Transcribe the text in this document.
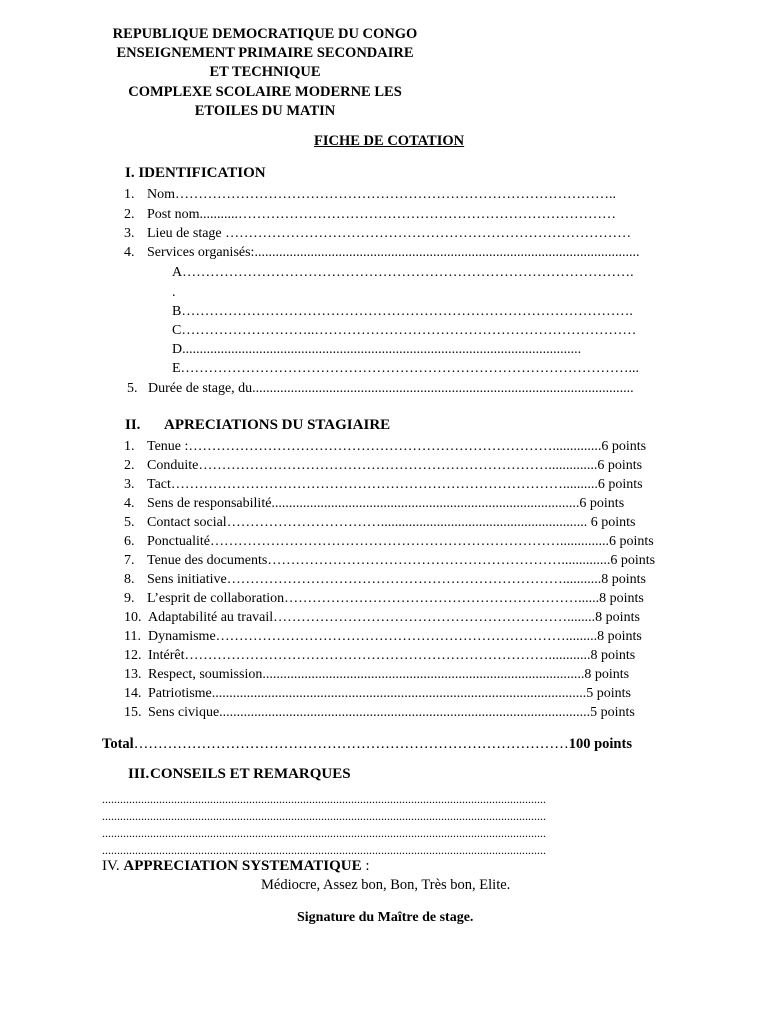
REPUBLIQUE DEMOCRATIQUE DU CONGO
ENSEIGNEMENT PRIMAIRE SECONDAIRE
ET TECHNIQUE
COMPLEXE SCOLAIRE MODERNE LES
ETOILES DU MATIN
FICHE DE COTATION
I. IDENTIFICATION
1. Nom…………………………………………………………………………………..
2. Post nom...........………………………………………………………………………
3. Lieu de stage ……………………………………………………………………………
4. Services organisés:..............................................................................................................
A…………………………………………………………………………………….
.
B…………………………………………………………………………………….
C………………………..……………………………………………………………
D..................................................................................................................
E……………………………………………………………………………………...
5. Durée de stage, du.............................................................................................................
II. APRECIATIONS DU STAGIAIRE
1. Tenue :……………………………………………………………………..............6 points
2. Conduite…………………………………………………………………..............6 points
3. Tact…………………………………………………………………………..........6 points
4. Sens de responsabilité........................................................................................6 points
5. Contact social……………………………........................................................... 6 points
6. Ponctualité…………………………………………………………………..............6 points
7. Tenue des documents………………………………………………………..............6 points
8. Sens initiative………………………………………………………………...........8 points
9. L’esprit de collaboration………………………………………………………......8 points
10. Adaptabilité au travail………………………………………………………........8 points
11. Dynamisme………………………………………………………………….........8 points
12. Intérêt……………………………………………………………………............8 points
13. Respect, soumission............................................................................................8 points
14. Patriotisme...........................................................................................................5 points
15. Sens civique..........................................................................................................5 points
Total………………………………………………………………………………100 points
III.CONSEILS ET REMARQUES
....................................................................................................................................................
....................................................................................................................................................
....................................................................................................................................................
....................................................................................................................................................
IV. APPRECIATION SYSTEMATIQUE :
Médiocre, Assez bon, Bon, Très bon, Elite.
Signature du Maître de stage.
